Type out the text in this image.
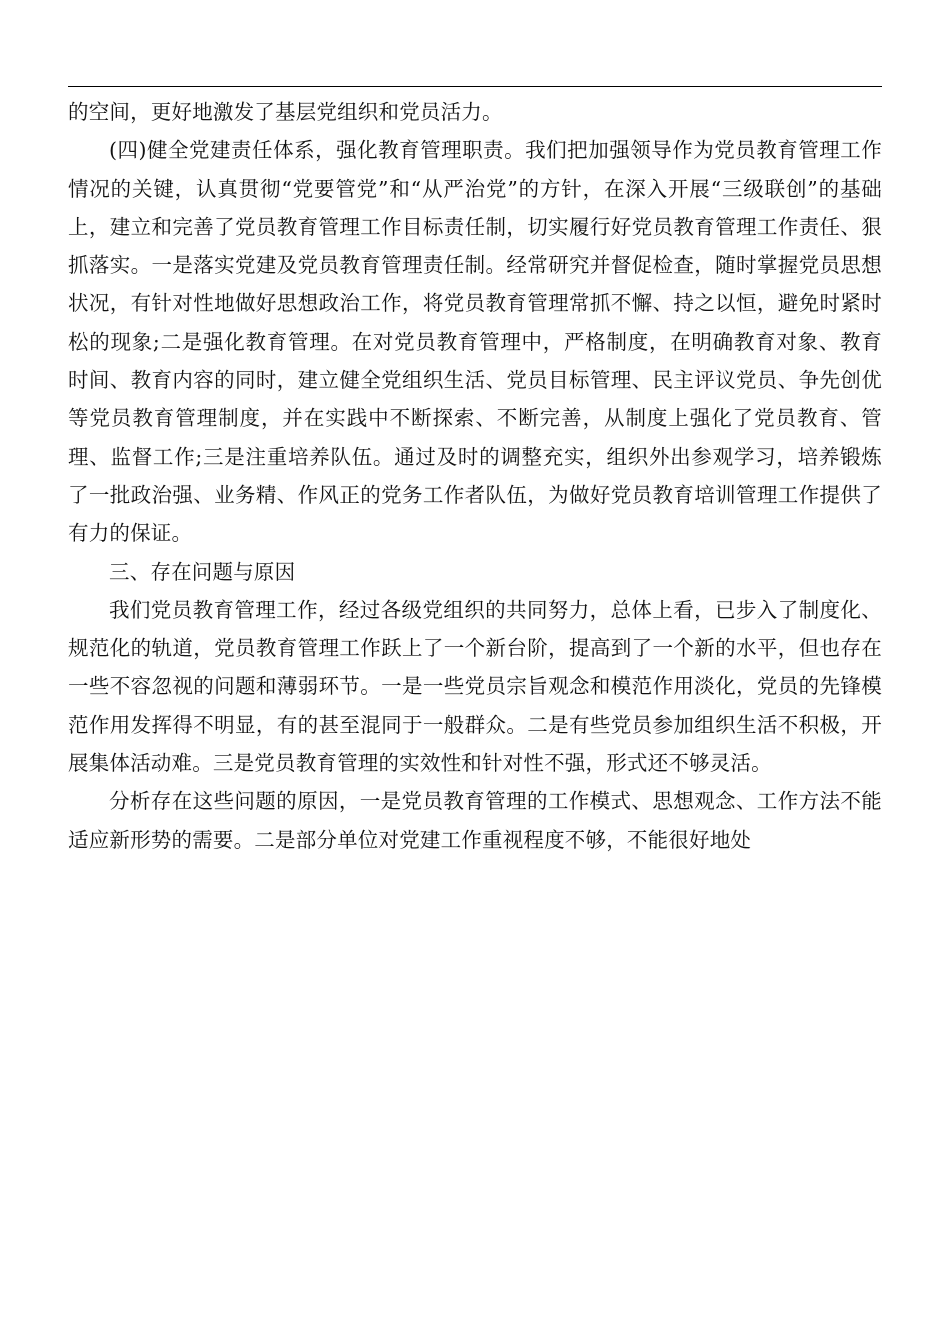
的空间，更好地激发了基层党组织和党员活力。

(四)健全党建责任体系，强化教育管理职责。我们把加强领导作为党员教育管理工作情况的关键，认真贯彻“党要管党”和“从严治党”的方针，在深入开展“三级联创”的基础上，建立和完善了党员教育管理工作目标责任制，切实履行好党员教育管理工作责任、狠抓落实。一是落实党建及党员教育管理责任制。经常研究并督促检查，随时掌握党员思想状况，有针对性地做好思想政治工作，将党员教育管理常抓不懈、持之以恒，避免时紧时松的现象;二是强化教育管理。在对党员教育管理中，严格制度，在明确教育对象、教育时间、教育内容的同时，建立健全党组织生活、党员目标管理、民主评议党员、争先创优等党员教育管理制度，并在实践中不断探索、不断完善，从制度上强化了党员教育、管理、监督工作;三是注重培养队伍。通过及时的调整充实，组织外出参观学习，培养锻炼了一批政治强、业务精、作风正的党务工作者队伍，为做好党员教育培训管理工作提供了有力的保证。

三、存在问题与原因

我们党员教育管理工作，经过各级党组织的共同努力，总体上看，已步入了制度化、规范化的轨道，党员教育管理工作跃上了一个新台阶，提高到了一个新的水平，但也存在一些不容忽视的问题和薄弱环节。一是一些党员宗旨观念和模范作用淡化，党员的先锋模范作用发挥得不明显，有的甚至混同于一般群众。二是有些党员参加组织生活不积极，开展集体活动难。三是党员教育管理的实效性和针对性不强，形式还不够灵活。

分析存在这些问题的原因，一是党员教育管理的工作模式、思想观念、工作方法不能适应新形势的需要。二是部分单位对党建工作重视程度不够，不能很好地处
